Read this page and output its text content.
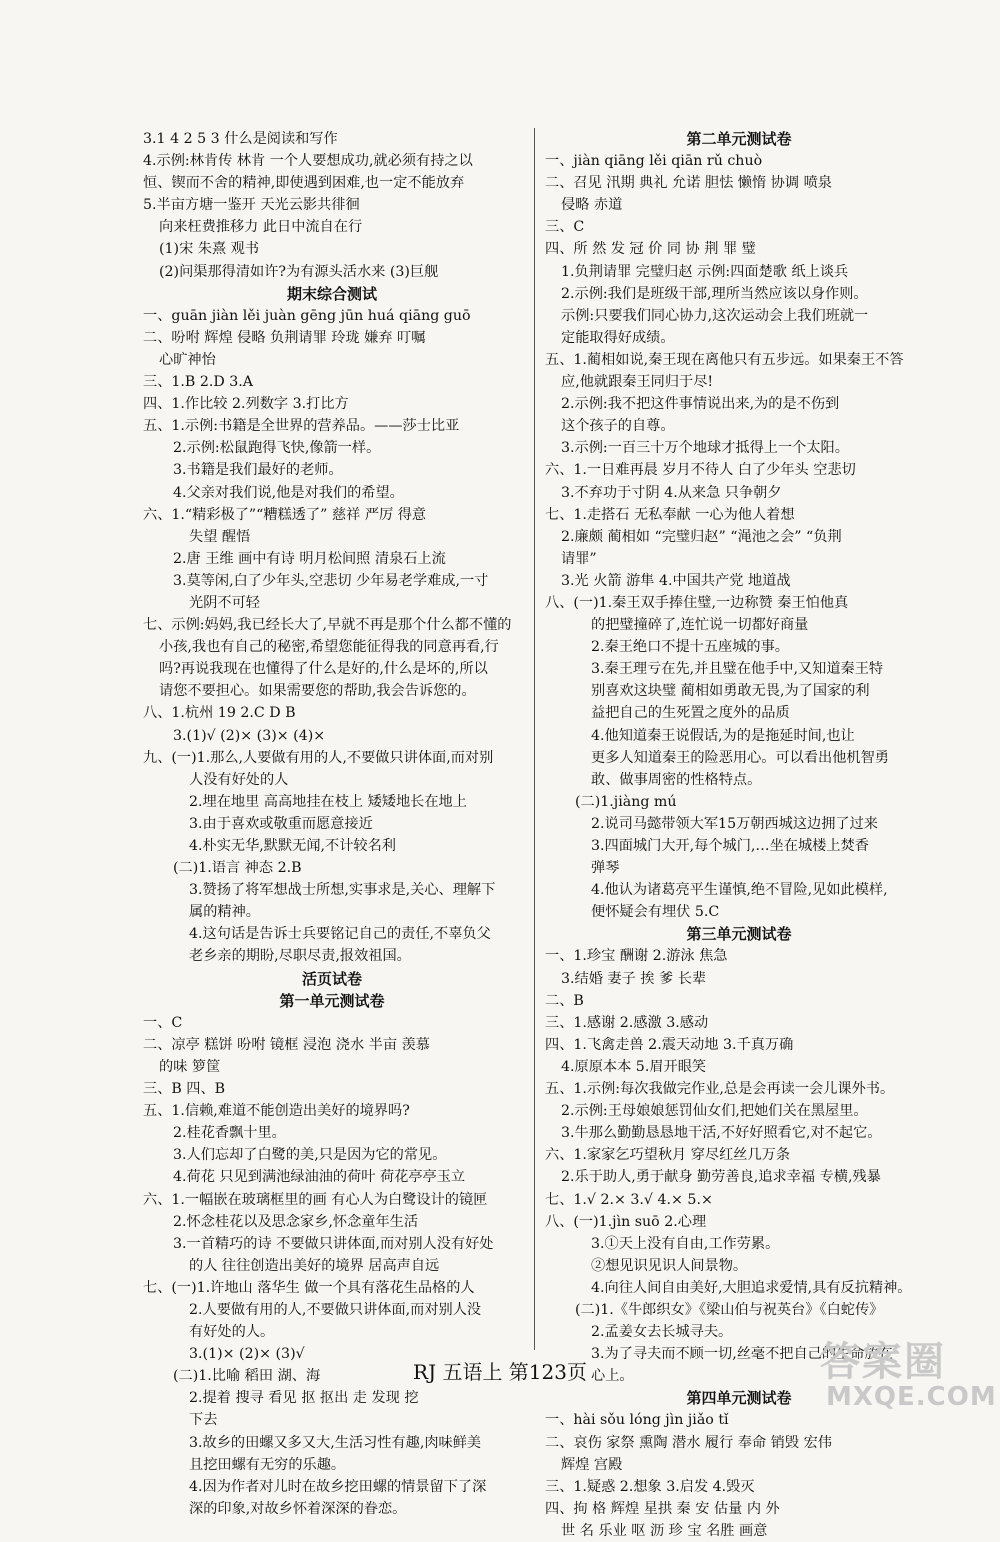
3.1 4 2 5 3 什么是阅读和写作
4.示例:林肯传 林肯 一个人要想成功,就必须有持之以
恒、锲而不舍的精神,即使遇到困难,也一定不能放弃
5.半亩方塘一鉴开 天光云影共徘徊
向来枉费推移力 此日中流自在行
(1)宋 朱熹 观书
(2)问渠那得清如许?为有源头活水来 (3)巨舰
期末综合测试
一、guān jiàn lěi juàn gēng jūn huá qiāng guō
二、吩咐 辉煌 侵略 负荆请罪 玲珑 嫌弃 叮嘱
心旷神怡
三、1.B 2.D 3.A
四、1.作比较 2.列数字 3.打比方
五、1.示例:书籍是全世界的营养品。——莎士比亚
2.示例:松鼠跑得飞快,像箭一样。
3.书籍是我们最好的老师。
4.父亲对我们说,他是对我们的希望。
六、1.“精彩极了”“糟糕透了” 慈祥 严厉 得意
失望 醒悟
2.唐 王维 画中有诗 明月松间照 清泉石上流
3.莫等闲,白了少年头,空悲切 少年易老学难成,一寸
光阴不可轻
七、示例:妈妈,我已经长大了,早就不再是那个什么都不懂的
小孩,我也有自己的秘密,希望您能征得我的同意再看,行
吗?再说我现在也懂得了什么是好的,什么是坏的,所以
请您不要担心。如果需要您的帮助,我会告诉您的。
八、1.杭州 19 2.C D B
3.(1)√ (2)× (3)× (4)×
九、(一)1.那么,人要做有用的人,不要做只讲体面,而对别
人没有好处的人
2.埋在地里 高高地挂在枝上 矮矮地长在地上
3.由于喜欢或敬重而愿意接近
4.朴实无华,默默无闻,不计较名利
(二)1.语言 神态 2.B
3.赞扬了将军想战士所想,实事求是,关心、理解下
属的精神。
4.这句话是告诉士兵要铭记自己的责任,不辜负父
老乡亲的期盼,尽职尽责,报效祖国。
活页试卷
第一单元测试卷
一、C
二、凉亭 糕饼 吩咐 镜框 浸泡 浇水 半亩 羡慕
的味 箩筐
三、B 四、B
五、1.信赖,难道不能创造出美好的境界吗?
2.桂花香飘十里。
3.人们忘却了白鹭的美,只是因为它的常见。
4.荷花 只见到满池绿油油的荷叶 荷花亭亭玉立
六、1.一幅嵌在玻璃框里的画 有心人为白鹭设计的镜匣
2.怀念桂花以及思念家乡,怀念童年生活
3.一首精巧的诗 不要做只讲体面,而对别人没有好处
的人 往往创造出美好的境界 居高声自远
七、(一)1.许地山 落华生 做一个具有落花生品格的人
2.人要做有用的人,不要做只讲体面,而对别人没
有好处的人。
3.(1)× (2)× (3)√
(二)1.比喻 稻田 湖、海
2.提着 搜寻 看见 抠 抠出 走 发现 挖
下去
3.故乡的田螺又多又大,生活习性有趣,肉味鲜美
且挖田螺有无穷的乐趣。
4.因为作者对儿时在故乡挖田螺的情景留下了深
深的印象,对故乡怀着深深的眷恋。
第二单元测试卷
一、jiàn qiāng lěi qiān rǔ chuò
二、召见 汛期 典礼 允诺 胆怯 懒惰 协调 喷泉
侵略 赤道
三、C
四、所 然 发 冠 价 同 协 荆 罪 璧
1.负荆请罪 完璧归赵 示例:四面楚歌 纸上谈兵
2.示例:我们是班级干部,理所当然应该以身作则。
示例:只要我们同心协力,这次运动会上我们班就一
定能取得好成绩。
五、1.蔺相如说,秦王现在离他只有五步远。如果秦王不答
应,他就跟秦王同归于尽!
2.示例:我不把这件事情说出来,为的是不伤到
这个孩子的自尊。
3.示例:一百三十万个地球才抵得上一个太阳。
六、1.一日难再晨 岁月不待人 白了少年头 空悲切
3.不弃功于寸阴 4.从来急 只争朝夕
七、1.走搭石 无私奉献 一心为他人着想
2.廉颇 蔺相如 “完璧归赵” “渑池之会” “负荆
请罪”
3.光 火箭 游隼 4.中国共产党 地道战
八、(一)1.秦王双手捧住璧,一边称赞 秦王怕他真
的把璧撞碎了,连忙说一切都好商量
2.秦王绝口不提十五座城的事。
3.秦王理亏在先,并且璧在他手中,又知道秦王特
别喜欢这块璧 蔺相如勇敢无畏,为了国家的利
益把自己的生死置之度外的品质
4.他知道秦王说假话,为的是拖延时间,也让
更多人知道秦王的险恶用心。可以看出他机智勇
敢、做事周密的性格特点。
(二)1.jiàng mú
2.说司马懿带领大军15万朝西城这边拥了过来
3.四面城门大开,每个城门,…坐在城楼上焚香
弹琴
4.他认为诸葛亮平生谨慎,绝不冒险,见如此模样,
便怀疑会有埋伏 5.C
第三单元测试卷
一、1.珍宝 酬谢 2.游泳 焦急
3.结婚 妻子 挨 爹 长辈
二、B
三、1.感谢 2.感激 3.感动
四、1.飞禽走兽 2.震天动地 3.千真万确
4.原原本本 5.眉开眼笑
五、1.示例:每次我做完作业,总是会再读一会儿课外书。
2.示例:王母娘娘惩罚仙女们,把她们关在黑屋里。
3.牛那么勤勤恳恳地干活,不好好照看它,对不起它。
六、1.家家乞巧望秋月 穿尽红丝几万条
2.乐于助人,勇于献身 勤劳善良,追求幸福 专横,残暴
七、1.√ 2.× 3.√ 4.× 5.×
八、(一)1.jìn suō 2.心理
3.①天上没有自由,工作劳累。
②想见识见识人间景物。
4.向往人间自由美好,大胆追求爱情,具有反抗精神。
(二)1.《牛郎织女》《梁山伯与祝英台》《白蛇传》
2.孟姜女去长城寻夫。
3.为了寻夫而不顾一切,丝毫不把自己的生命放在
心上。
第四单元测试卷
一、hài sǒu lóng jìn jiǎo tǐ
二、哀伤 家祭 熏陶 潜水 履行 奉命 销毁 宏伟
辉煌 宫殿
三、1.疑惑 2.想象 3.启发 4.毁灭
四、拘 格 辉煌 星拱 秦 安 估量 内 外
世 名 乐业 呕 沥 珍 宝 名胜 画意
RJ 五语上 第123页	答案圈
MXQE.COM
